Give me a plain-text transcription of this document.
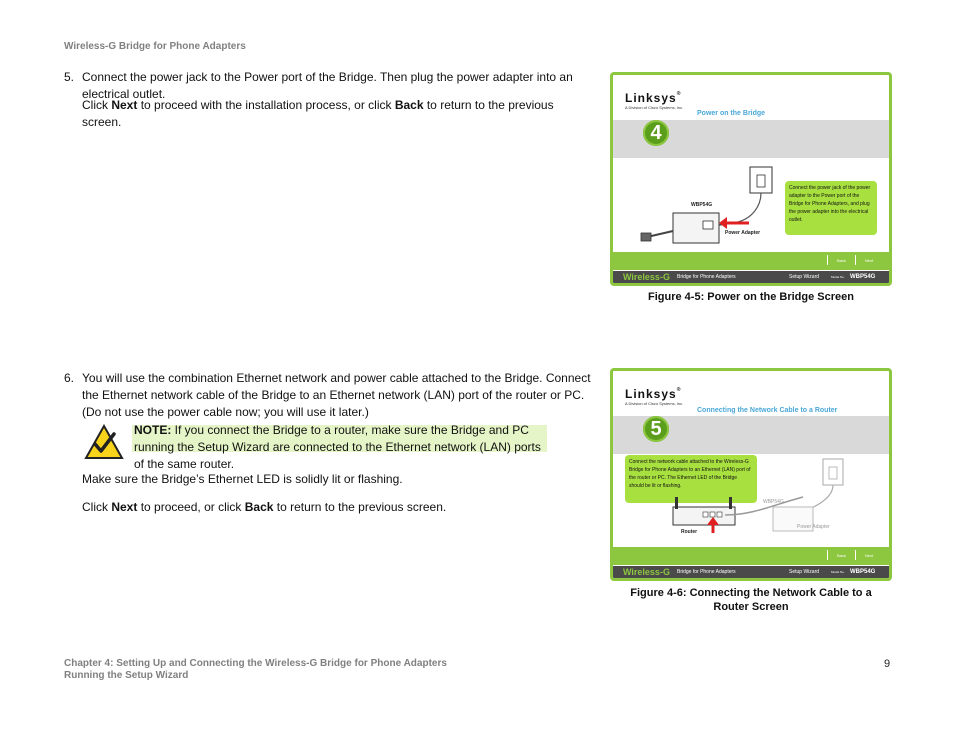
Wireless-G Bridge for Phone Adapters
5. Connect the power jack to the Power port of the Bridge. Then plug the power adapter into an electrical outlet.
Click Next to proceed with the installation process, or click Back to return to the previous screen.
Linksys®
A Division of Cisco Systems, Inc.
Power on the Bridge
4
WBP54G
Power Adapter
Connect the power jack of the power adapter to the Power port of the Bridge for Phone Adapters, and plug the power adapter into the electrical outlet.
Back	Next
Wireless-G Bridge for Phone Adapters	Setup Wizard	Model No. WBP54G
Figure 4-5: Power on the Bridge Screen
6. You will use the combination Ethernet network and power cable attached to the Bridge. Connect the Ethernet network cable of the Bridge to an Ethernet network (LAN) port of the router or PC. (Do not use the power cable now; you will use it later.)
NOTE: If you connect the Bridge to a router, make sure the Bridge and PC running the Setup Wizard are connected to the Ethernet network (LAN) ports of the same router.
Make sure the Bridge’s Ethernet LED is solidly lit or flashing.
Click Next to proceed, or click Back to return to the previous screen.
Linksys®
A Division of Cisco Systems, Inc.
Connecting the Network Cable to a Router
5
Connect the network cable attached to the Wireless-G Bridge for Phone Adapters to an Ethernet (LAN) port of the router or PC. The Ethernet LED of the Bridge should be lit or flashing.
WBP54G
Power Adapter
Router
Back	Next
Wireless-G Bridge for Phone Adapters	Setup Wizard	Model No. WBP54G
Figure 4-6: Connecting the Network Cable to a
Router Screen
Chapter 4: Setting Up and Connecting the Wireless-G Bridge for Phone Adapters
Running the Setup Wizard
9
